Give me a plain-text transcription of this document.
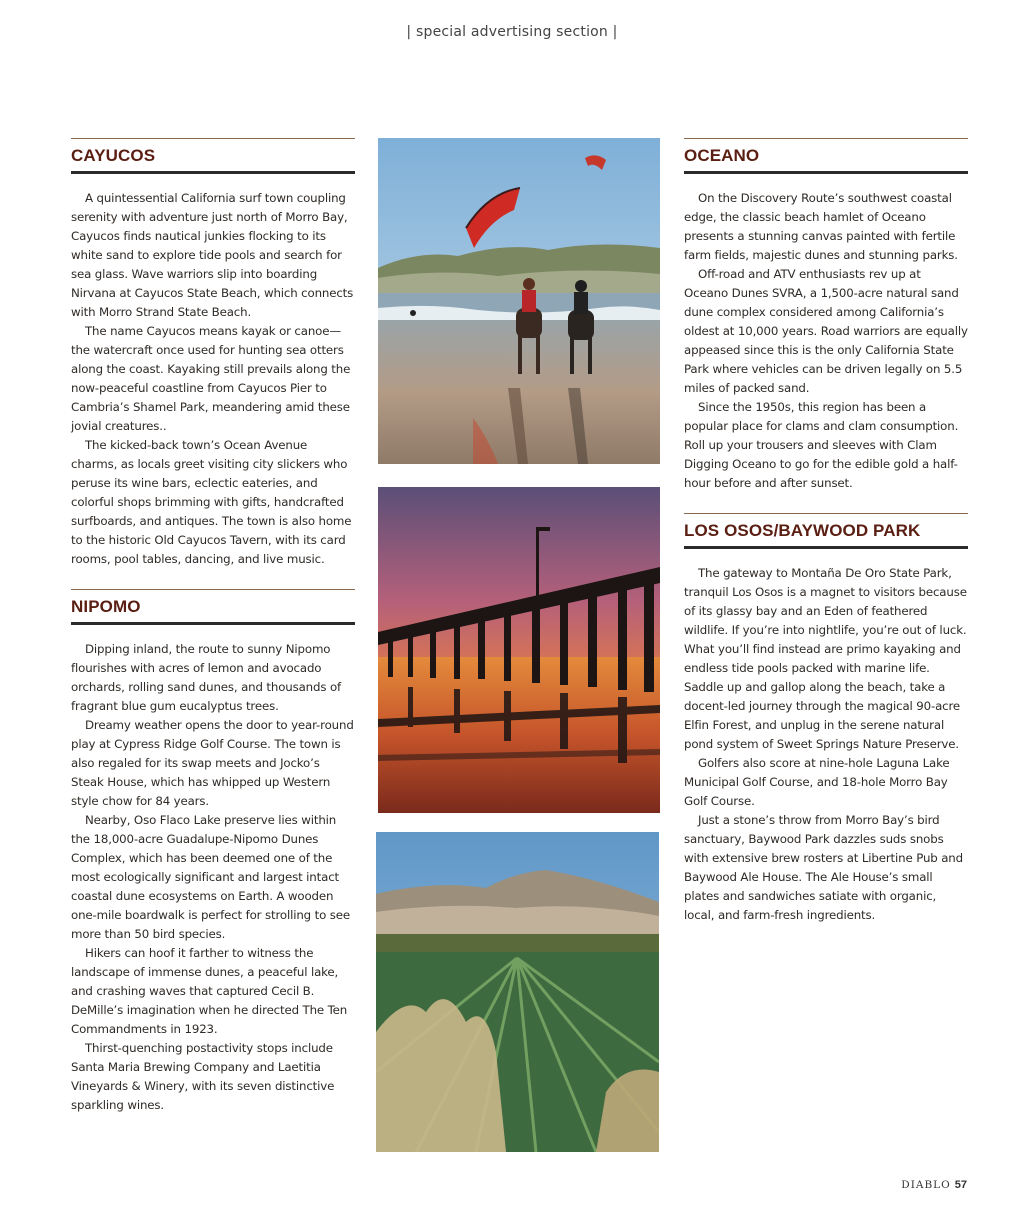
| special advertising section |
CAYUCOS

A quintessential California surf town coupling serenity with adventure just north of Morro Bay, Cayucos finds nautical junkies flocking to its white sand to explore tide pools and search for sea glass. Wave warriors slip into boarding Nirvana at Cayucos State Beach, which connects with Morro Strand State Beach.

The name Cayucos means kayak or canoe—the watercraft once used for hunting sea otters along the coast. Kayaking still prevails along the now-peaceful coastline from Cayucos Pier to Cambria’s Shamel Park, meandering amid these jovial creatures..

The kicked-back town’s Ocean Avenue charms, as locals greet visiting city slickers who peruse its wine bars, eclectic eateries, and colorful shops brimming with gifts, handcrafted surfboards, and antiques. The town is also home to the historic Old Cayucos Tavern, with its card rooms, pool tables, dancing, and live music.

NIPOMO

Dipping inland, the route to sunny Nipomo flourishes with acres of lemon and avocado orchards, rolling sand dunes, and thousands of fragrant blue gum eucalyptus trees.

Dreamy weather opens the door to year-round play at Cypress Ridge Golf Course. The town is also regaled for its swap meets and Jocko’s Steak House, which has whipped up Western style chow for 84 years.

Nearby, Oso Flaco Lake preserve lies within the 18,000-acre Guadalupe-Nipomo Dunes Complex, which has been deemed one of the most ecologically significant and largest intact coastal dune ecosystems on Earth. A wooden one-mile boardwalk is perfect for strolling to see more than 50 bird species.

Hikers can hoof it farther to witness the landscape of immense dunes, a peaceful lake, and crashing waves that captured Cecil B. DeMille’s imagination when he directed The Ten Commandments in 1923.

Thirst-quenching postactivity stops include Santa Maria Brewing Company and Laetitia Vineyards & Winery, with its seven distinctive sparkling wines.

OCEANO

On the Discovery Route’s southwest coastal edge, the classic beach hamlet of Oceano presents a stunning canvas painted with fertile farm fields, majestic dunes and stunning parks.

Off-road and ATV enthusiasts rev up at Oceano Dunes SVRA, a 1,500-acre natural sand dune complex considered among California’s oldest at 10,000 years. Road warriors are equally appeased since this is the only California State Park where vehicles can be driven legally on 5.5 miles of packed sand.

Since the 1950s, this region has been a popular place for clams and clam consumption. Roll up your trousers and sleeves with Clam Digging Oceano to go for the edible gold a half-hour before and after sunset.

LOS OSOS/BAYWOOD PARK

The gateway to Montaña De Oro State Park, tranquil Los Osos is a magnet to visitors because of its glassy bay and an Eden of feathered wildlife. If you’re into nightlife, you’re out of luck. What you’ll find instead are primo kayaking and endless tide pools packed with marine life. Saddle up and gallop along the beach, take a docent-led journey through the magical 90-acre Elfin Forest, and unplug in the serene natural pond system of Sweet Springs Nature Preserve.

Golfers also score at nine-hole Laguna Lake Municipal Golf Course, and 18-hole Morro Bay Golf Course.

Just a stone’s throw from Morro Bay’s bird sanctuary, Baywood Park dazzles suds snobs with extensive brew rosters at Libertine Pub and Baywood Ale House. The Ale House’s small plates and sandwiches satiate with organic, local, and farm-fresh ingredients.

DIABLO 57
